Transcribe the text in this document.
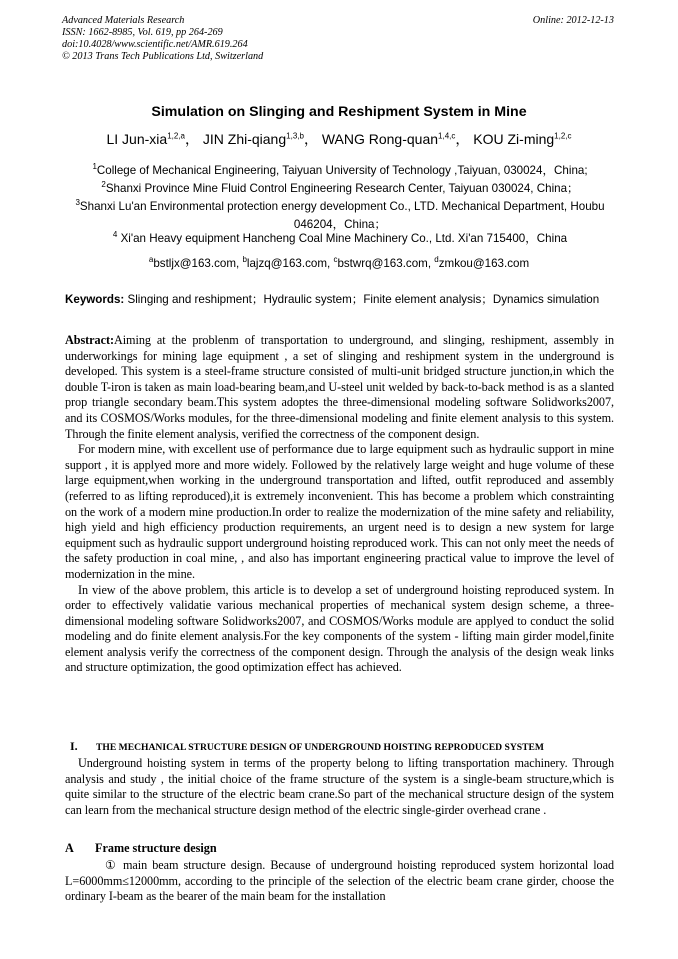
Advanced Materials Research
ISSN: 1662-8985, Vol. 619, pp 264-269
doi:10.4028/www.scientific.net/AMR.619.264
© 2013 Trans Tech Publications Ltd, Switzerland
Online: 2012-12-13
Simulation on Slinging and Reshipment System in Mine
LI Jun-xia$^{1,2,a}$， JIN Zhi-qiang$^{1,3,b}$， WANG Rong-quan$^{1,4,c}$， KOU Zi-ming$^{1,2,c}$
$^1$College of Mechanical Engineering, Taiyuan University of Technology ,Taiyuan, 030024，China;
$^2$Shanxi Province Mine Fluid Control Engineering Research Center, Taiyuan 030024, China；
$^3$Shanxi Lu'an Environmental protection energy development Co., LTD. Mechanical Department, Houbu 046204，China；
$^4$ Xi'an Heavy equipment Hancheng Coal Mine Machinery Co., Ltd. Xi'an 715400，China
$^a$bstljx@163.com, $^b$lajzq@163.com, $^c$bstwrq@163.com, $^d$zmkou@163.com
Keywords: Slinging and reshipment；Hydraulic system；Finite element analysis；Dynamics simulation

Abstract:Aiming at the problenm of transportation to underground, and slinging, reshipment, assembly in underworkings for mining lage equipment , a set of slinging and reshipment system in the underground is developed. This system is a steel-frame structure consisted of multi-unit bridged structure junction,in which the double T-iron is taken as main load-bearing beam,and U-steel unit welded by back-to-back method is as a slanted prop triangle secondary beam.This system adoptes the three-dimensional modeling software Solidworks2007, and its COSMOS/Works modules, for the three-dimensional modeling and finite element analysis to this system. Through the finite element analysis, verified the correctness of the component design.

For modern mine, with excellent use of performance due to large equipment such as hydraulic support in mine support , it is applyed more and more widely. Followed by the relatively large weight and huge volume of these large equipment,when working in the underground transportation and lifted, outfit reproduced and assembly (referred to as lifting reproduced),it is extremely inconvenient. This has become a problem which constrainting on the work of a modern mine production.In order to realize the modernization of the mine safety and reliability, high yield and high efficiency production requirements, an urgent need is to design a new system for large equipment such as hydraulic support underground hoisting reproduced work. This can not only meet the needs of the safety production in coal mine, , and also has important engineering practical value to improve the level of modernization in the mine.

In view of the above problem, this article is to develop a set of underground hoisting reproduced system. In order to effectively validatie various mechanical properties of mechanical system design scheme, a three-dimensional modeling software Solidworks2007, and COSMOS/Works module are applyed to conduct the solid modeling and do finite element analysis.For the key components of the system - lifting main girder model,finite element analysis verify the correctness of the component design. Through the analysis of the design weak links and structure optimization, the good optimization effect has achieved.

I. THE MECHANICAL STRUCTURE DESIGN OF UNDERGROUND HOISTING REPRODUCED SYSTEM

Underground hoisting system in terms of the property belong to lifting transportation machinery. Through analysis and study , the initial choice of the frame structure of the system is a single-beam structure,which is quite similar to the structure of the electric beam crane.So part of the mechanical structure design of the system can learn from the mechanical structure design method of the electric single-girder overhead crane .

A Frame structure design

① main beam structure design. Because of underground hoisting reproduced system horizontal load L=6000mm≤12000mm, according to the principle of the selection of the electric beam crane girder, choose the ordinary I-beam as the bearer of the main beam for the installation
